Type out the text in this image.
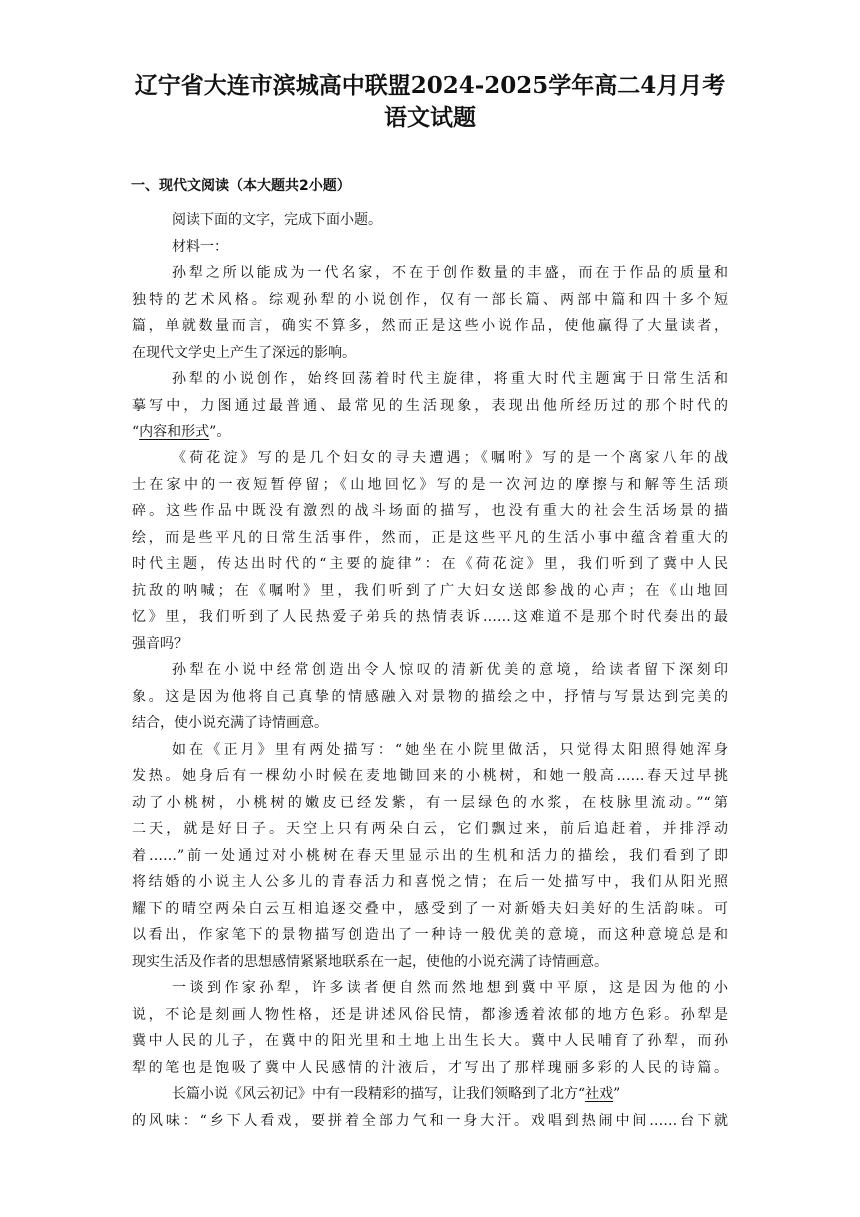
辽宁省大连市滨城高中联盟2024-2025学年高二4月月考
语文试题
一、现代文阅读（本大题共2小题）
阅读下面的文字，完成下面小题。
材料一：
孙犁之所以能成为一代名家，不在于创作数量的丰盛，而在于作品的质量和
独特的艺术风格。综观孙犁的小说创作，仅有一部长篇、两部中篇和四十多个短
篇，单就数量而言，确实不算多，然而正是这些小说作品，使他赢得了大量读者，
在现代文学史上产生了深远的影响。
孙犁的小说创作，始终回荡着时代主旋律，将重大时代主题寓于日常生活和
摹写中，力图通过最普通、最常见的生活现象，表现出他所经历过的那个时代的
“内容和形式”。
《荷花淀》写的是几个妇女的寻夫遭遇；《嘱咐》写的是一个离家八年的战
士在家中的一夜短暂停留；《山地回忆》写的是一次河边的摩擦与和解等生活琐
碎。这些作品中既没有激烈的战斗场面的描写，也没有重大的社会生活场景的描
绘，而是些平凡的日常生活事件，然而，正是这些平凡的生活小事中蕴含着重大的
时代主题，传达出时代的“主要的旋律”：在《荷花淀》里，我们听到了冀中人民
抗敌的呐喊；在《嘱咐》里，我们听到了广大妇女送郎参战的心声；在《山地回
忆》里，我们听到了人民热爱子弟兵的热情表诉……这难道不是那个时代奏出的最
强音吗？
孙犁在小说中经常创造出令人惊叹的清新优美的意境，给读者留下深刻印
象。这是因为他将自己真挚的情感融入对景物的描绘之中，抒情与写景达到完美的
结合，使小说充满了诗情画意。
如在《正月》里有两处描写：“她坐在小院里做活，只觉得太阳照得她浑身
发热。她身后有一棵幼小时候在麦地锄回来的小桃树，和她一般高……春天过早挑
动了小桃树，小桃树的嫩皮已经发紫，有一层绿色的水浆，在枝脉里流动。”“第
二天，就是好日子。天空上只有两朵白云，它们飘过来，前后追赶着，并排浮动
着……”前一处通过对小桃树在春天里显示出的生机和活力的描绘，我们看到了即
将结婚的小说主人公多儿的青春活力和喜悦之情；在后一处描写中，我们从阳光照
耀下的晴空两朵白云互相追逐交叠中，感受到了一对新婚夫妇美好的生活韵味。可
以看出，作家笔下的景物描写创造出了一种诗一般优美的意境，而这种意境总是和
现实生活及作者的思想感情紧紧地联系在一起，使他的小说充满了诗情画意。
一谈到作家孙犁，许多读者便自然而然地想到冀中平原，这是因为他的小
说，不论是刻画人物性格，还是讲述风俗民情，都渗透着浓郁的地方色彩。孙犁是
冀中人民的儿子，在冀中的阳光里和土地上出生长大。冀中人民哺育了孙犁，而孙
犁的笔也是饱吸了冀中人民感情的汁液后，才写出了那样瑰丽多彩的人民的诗篇。
长篇小说《风云初记》中有一段精彩的描写，让我们领略到了北方“社戏”
的风味：“乡下人看戏，要拼着全部力气和一身大汗。戏唱到热闹中间……台下就
